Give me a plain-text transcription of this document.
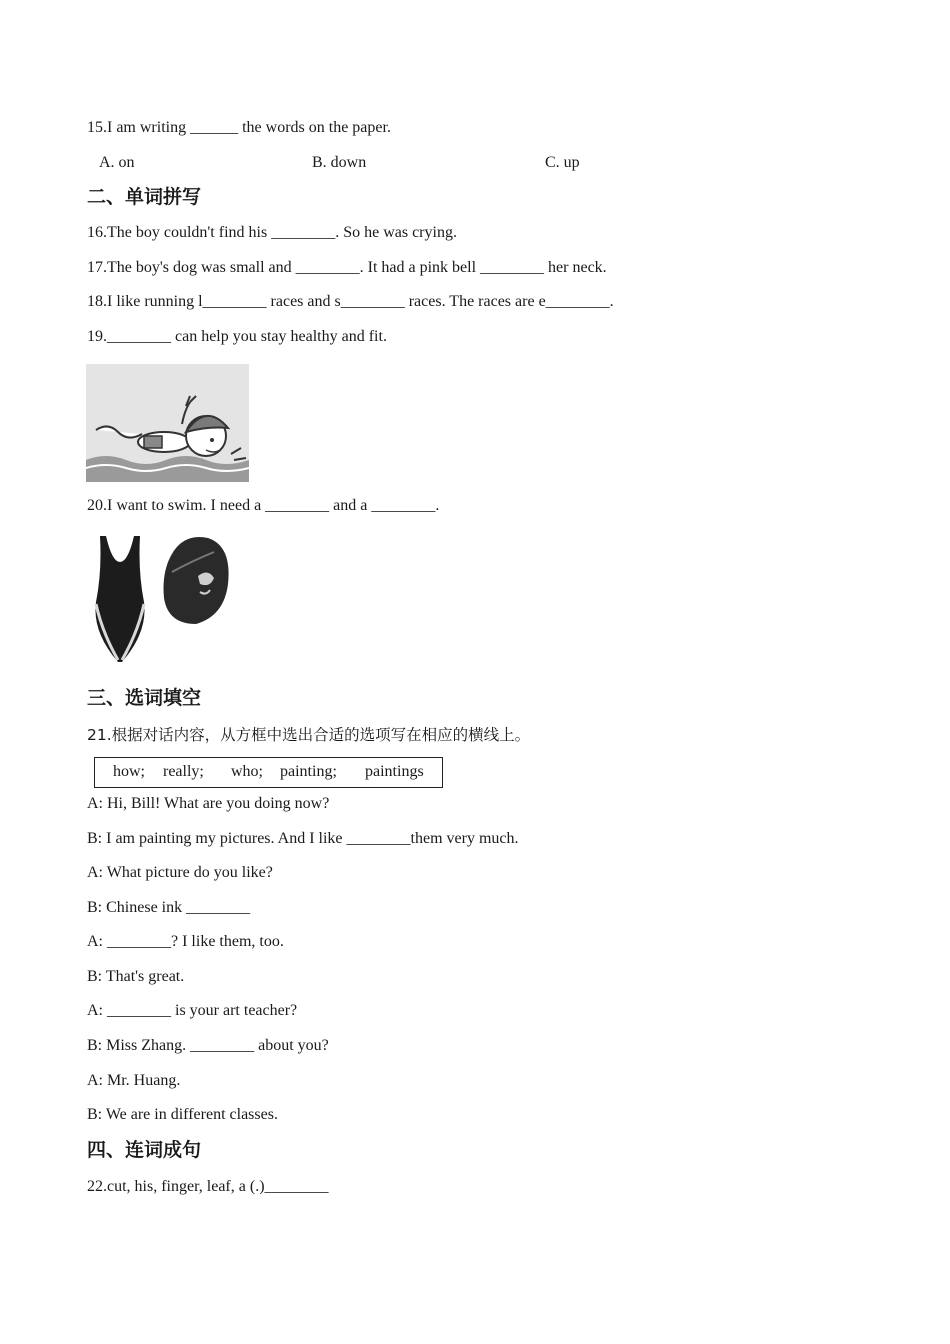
15.I am writing ______ the words on the paper.
A. on	B. down	C. up
二、单词拼写
16.The boy couldn't find his ________. So he was crying.
17.The boy's dog was small and ________. It had a pink bell ________ her neck.
18.I like running l________ races and s________ races. The races are e________.
19.________ can help you stay healthy and fit.
20.I want to swim. I need a ________ and a ________.
三、选词填空
21.根据对话内容，从方框中选出合适的选项写在相应的横线上。
how; really; who; painting; paintings
A: Hi, Bill! What are you doing now?
B: I am painting my pictures. And I like ________them very much.
A: What picture do you like?
B: Chinese ink ________
A: ________? I like them, too.
B: That's great.
A: ________ is your art teacher?
B: Miss Zhang. ________ about you?
A: Mr. Huang.
B: We are in different classes.
四、连词成句
22.cut, his, finger, leaf, a (.)________
